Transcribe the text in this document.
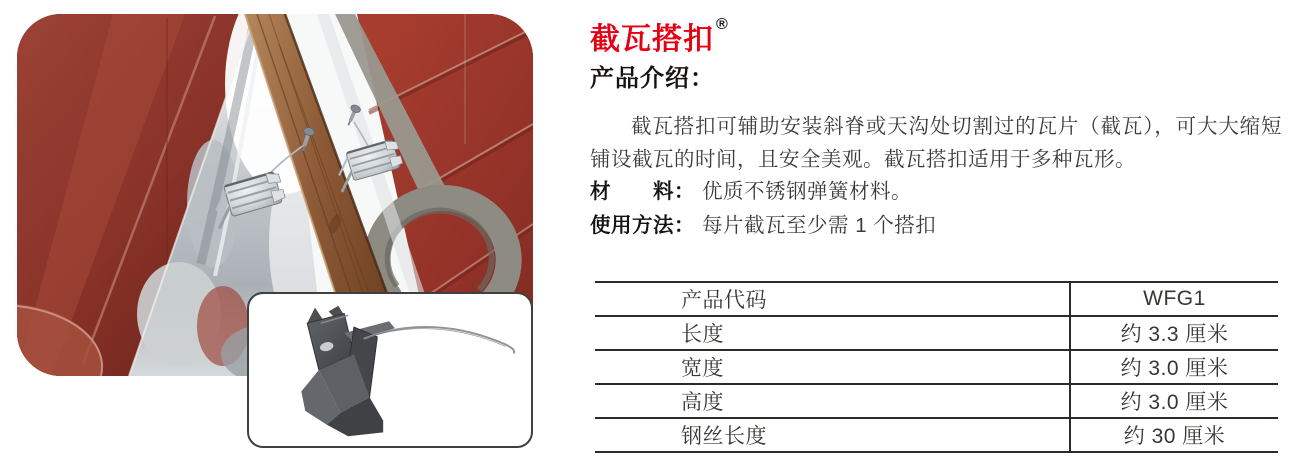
截瓦搭扣 ®
产品介绍：

截瓦搭扣可辅助安装斜脊或天沟处切割过的瓦片（截瓦），可大大缩短铺设截瓦的时间，且安全美观。截瓦搭扣适用于多种瓦形。

材　　料： 优质不锈钢弹簧材料。
使用方法： 每片截瓦至少需 1 个搭扣
产品代码	WFG1
长度	约 3.3 厘米
宽度	约 3.0 厘米
高度	约 3.0 厘米
钢丝长度	约 30 厘米
